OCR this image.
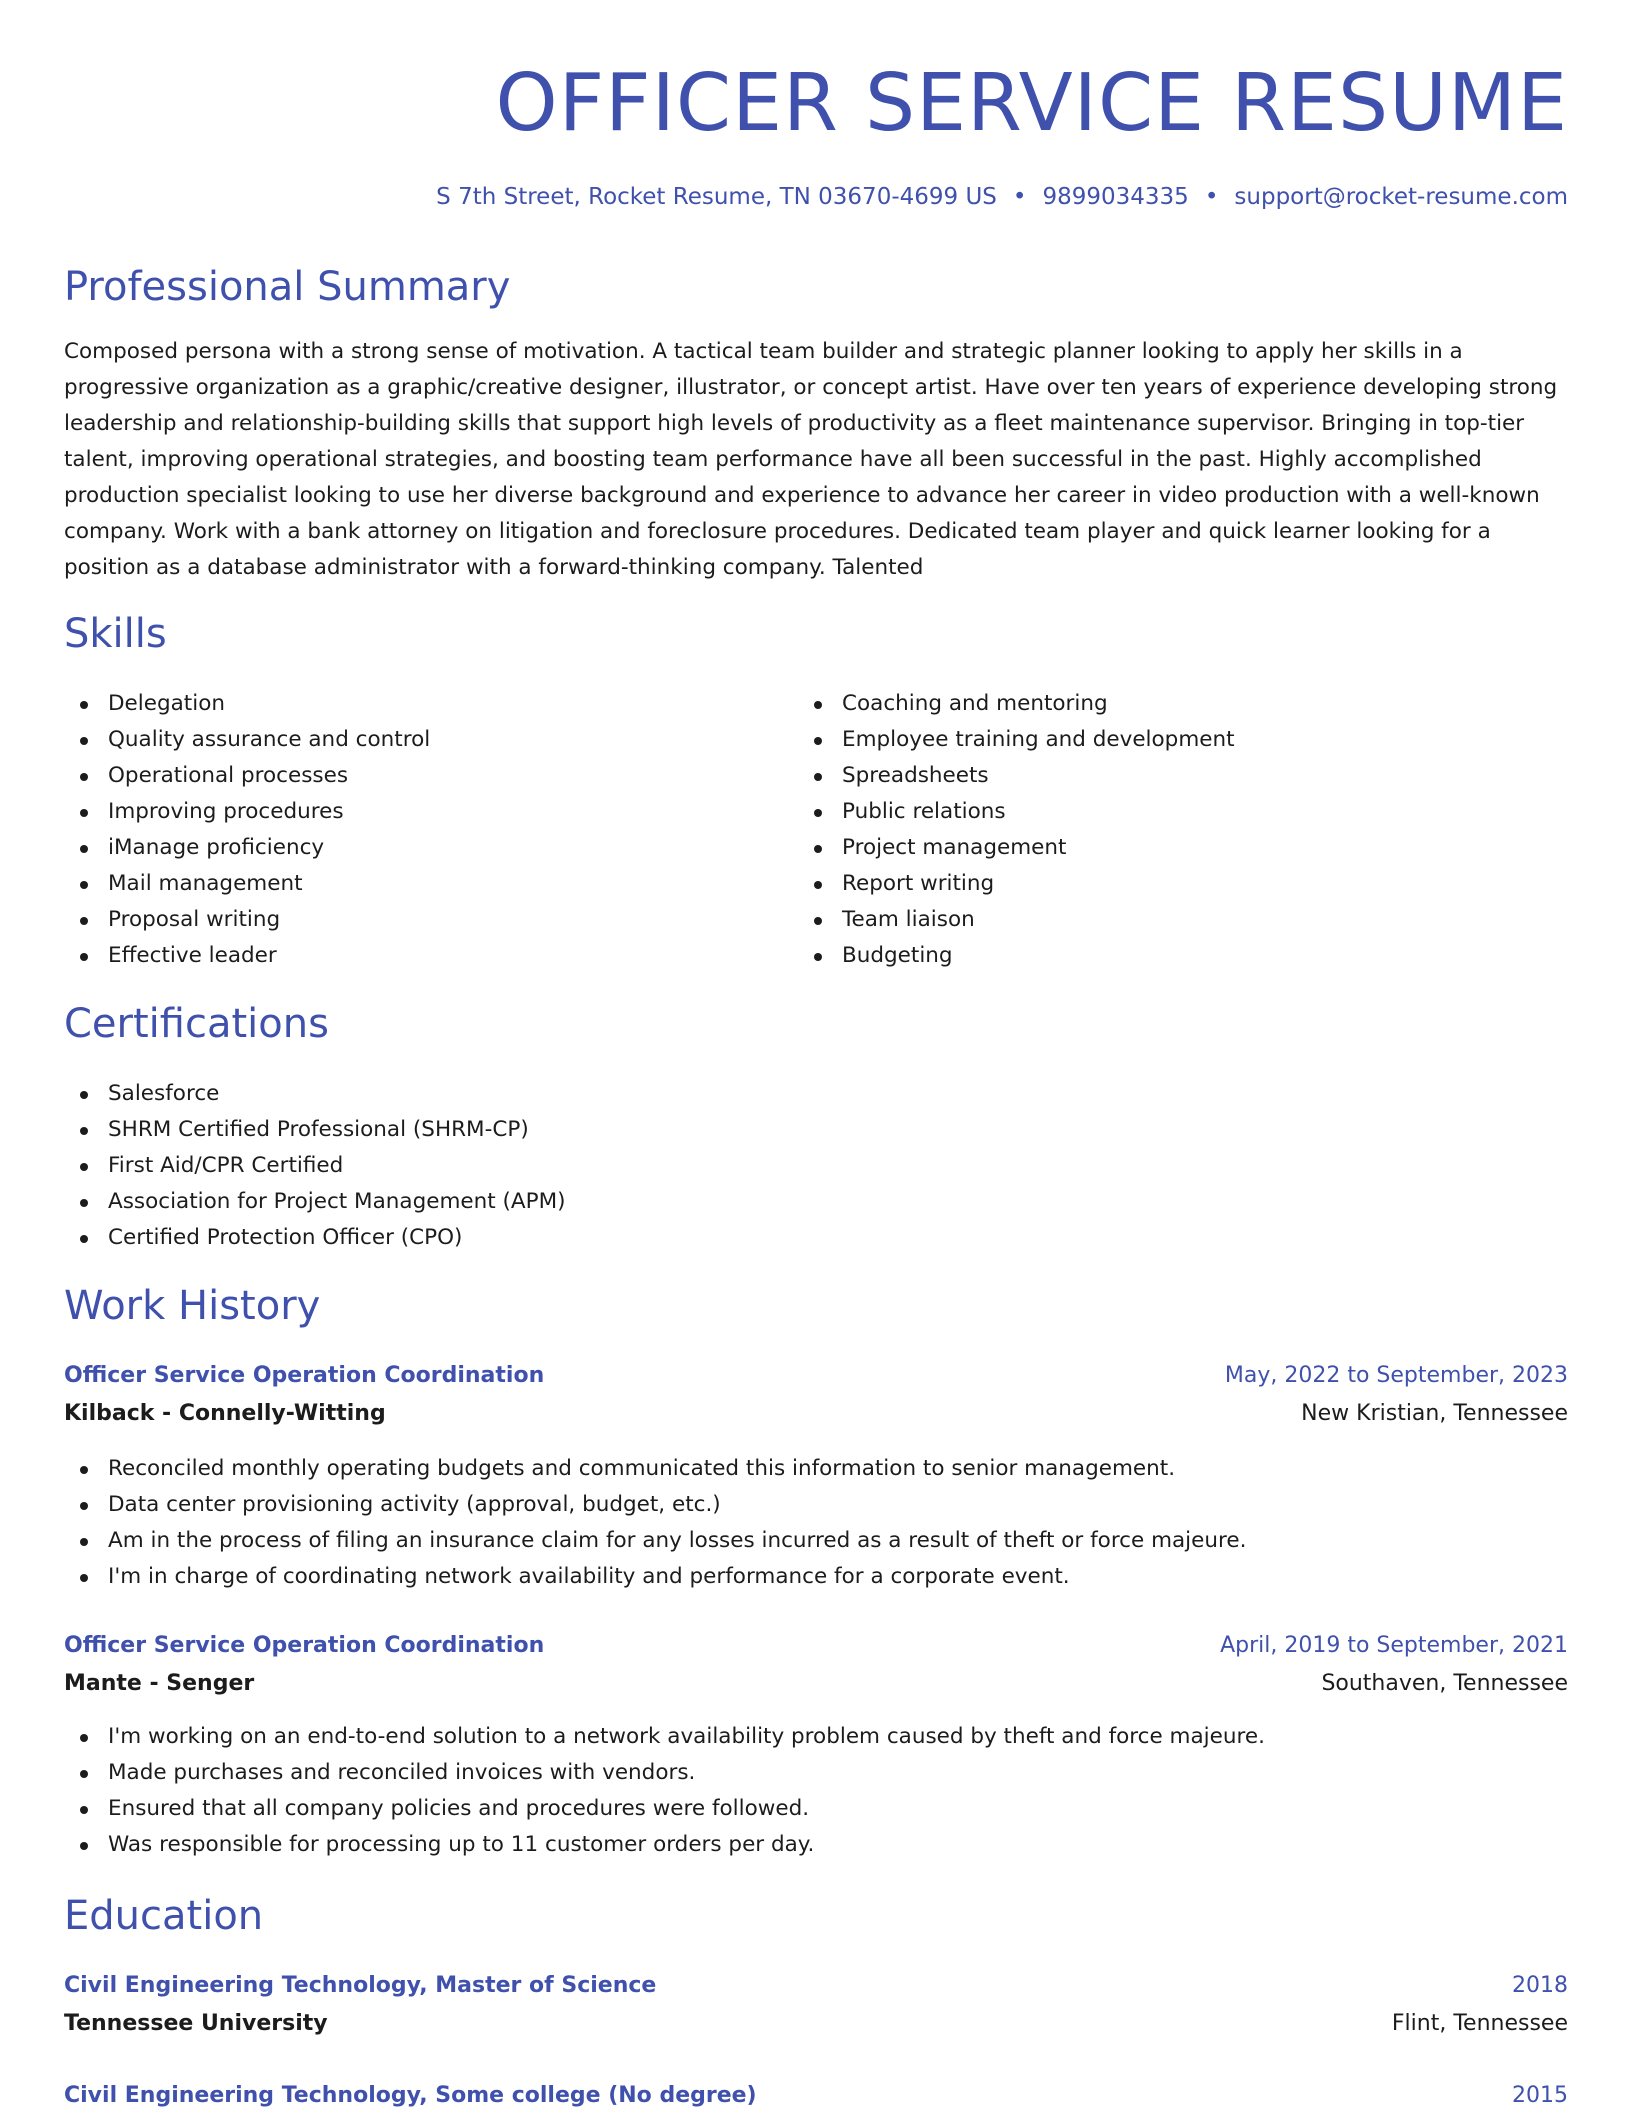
OFFICER SERVICE RESUME
S 7th Street, Rocket Resume, TN 03670-4699 US • 9899034335 • support@rocket-resume.com
Professional Summary

Composed persona with a strong sense of motivation. A tactical team builder and strategic planner looking to apply her skills in a progressive organization as a graphic/creative designer, illustrator, or concept artist. Have over ten years of experience developing strong leadership and relationship-building skills that support high levels of productivity as a fleet maintenance supervisor. Bringing in top-tier talent, improving operational strategies, and boosting team performance have all been successful in the past. Highly accomplished production specialist looking to use her diverse background and experience to advance her career in video production with a well-known company. Work with a bank attorney on litigation and foreclosure procedures. Dedicated team player and quick learner looking for a position as a database administrator with a forward-thinking company. Talented

Skills
Delegation
Quality assurance and control
Operational processes
Improving procedures
iManage proficiency
Mail management
Proposal writing
Effective leader
Coaching and mentoring
Employee training and development
Spreadsheets
Public relations
Project management
Report writing
Team liaison
Budgeting
Certifications
Salesforce
SHRM Certified Professional (SHRM-CP)
First Aid/CPR Certified
Association for Project Management (APM)
Certified Protection Officer (CPO)
Work History
Officer Service Operation Coordination	May, 2022 to September, 2023
Kilback - Connelly-Witting	New Kristian, Tennessee
Reconciled monthly operating budgets and communicated this information to senior management.
Data center provisioning activity (approval, budget, etc.)
Am in the process of filing an insurance claim for any losses incurred as a result of theft or force majeure.
I'm in charge of coordinating network availability and performance for a corporate event.
Officer Service Operation Coordination	April, 2019 to September, 2021
Mante - Senger	Southaven, Tennessee
I'm working on an end-to-end solution to a network availability problem caused by theft and force majeure.
Made purchases and reconciled invoices with vendors.
Ensured that all company policies and procedures were followed.
Was responsible for processing up to 11 customer orders per day.
Education
Civil Engineering Technology, Master of Science	2018
Tennessee University	Flint, Tennessee
Civil Engineering Technology, Some college (No degree)	2015
